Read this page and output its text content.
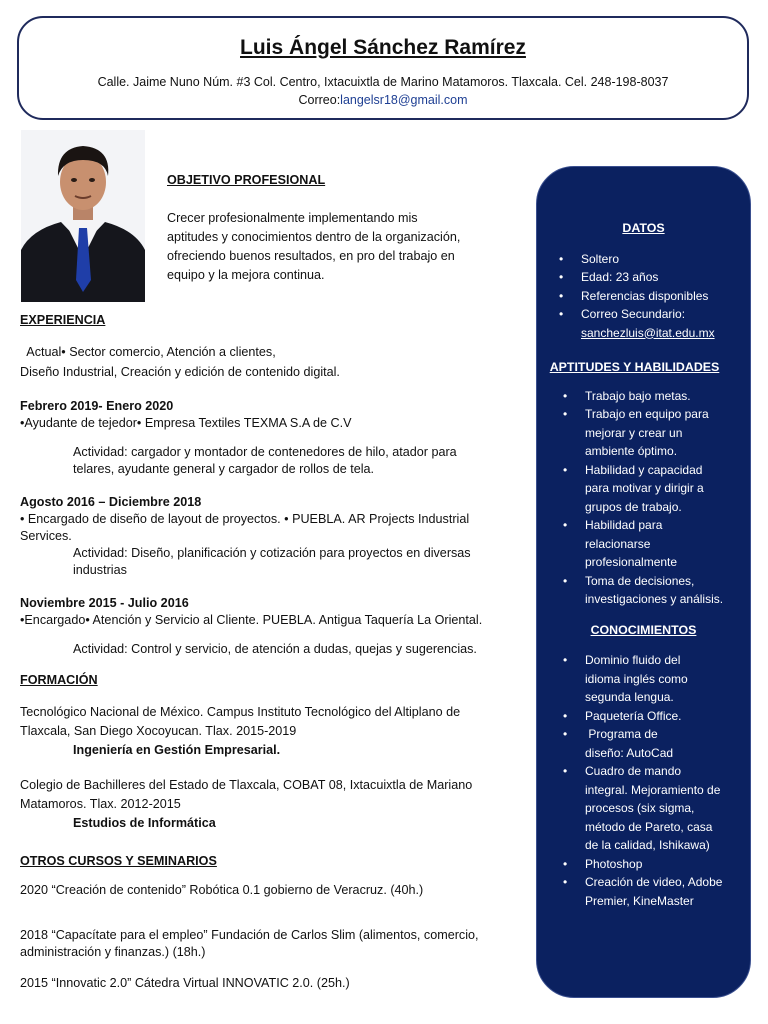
Luis Ángel Sánchez Ramírez
Calle. Jaime Nuno Núm. #3 Col. Centro, Ixtacuixtla de Marino Matamoros. Tlaxcala. Cel. 248-198-8037
Correo:langelsr18@gmail.com
OBJETIVO PROFESIONAL
Crecer profesionalmente implementando mis
aptitudes y conocimientos dentro de la organización,
ofreciendo buenos resultados, en pro del trabajo en
equipo y la mejora continua.
EXPERIENCIA
Actual• Sector comercio, Atención a clientes,
Diseño Industrial, Creación y edición de contenido digital.
Febrero 2019- Enero 2020
•Ayudante de tejedor• Empresa Textiles TEXMA S.A de C.V
Actividad: cargador y montador de contenedores de hilo, atador para
telares, ayudante general y cargador de rollos de tela.
Agosto 2016 – Diciembre 2018
• Encargado de diseño de layout de proyectos. • PUEBLA. AR Projects Industrial
Services.
Actividad: Diseño, planificación y cotización para proyectos en diversas
industrias
Noviembre 2015 - Julio 2016
•Encargado• Atención y Servicio al Cliente. PUEBLA. Antigua Taquería La Oriental.
Actividad: Control y servicio, de atención a dudas, quejas y sugerencias.
FORMACIÓN
Tecnológico Nacional de México. Campus Instituto Tecnológico del Altiplano de
Tlaxcala, San Diego Xocoyucan. Tlax. 2015-2019
Ingeniería en Gestión Empresarial.
Colegio de Bachilleres del Estado de Tlaxcala, COBAT 08, Ixtacuixtla de Mariano
Matamoros. Tlax. 2012-2015
Estudios de Informática
OTROS CURSOS Y SEMINARIOS
2020 “Creación de contenido” Robótica 0.1 gobierno de Veracruz. (40h.)
2018 “Capacítate para el empleo” Fundación de Carlos Slim (alimentos, comercio,
administración y finanzas.) (18h.)
2015 “Innovatic 2.0” Cátedra Virtual INNOVATIC 2.0. (25h.)
DATOS
• Soltero
• Edad: 23 años
• Referencias disponibles
• Correo Secundario:
sanchezluis@itat.edu.mx
APTITUDES Y HABILIDADES
• Trabajo bajo metas.
• Trabajo en equipo para
mejorar y crear un
ambiente óptimo.
• Habilidad y capacidad
para motivar y dirigir a
grupos de trabajo.
• Habilidad para
relacionarse
profesionalmente
• Toma de decisiones,
investigaciones y análisis.
CONOCIMIENTOS
• Dominio fluido del
idioma inglés como
segunda lengua.
• Paquetería Office.
•  Programa de
diseño: AutoCad
• Cuadro de mando
integral. Mejoramiento de
procesos (six sigma,
método de Pareto, casa
de la calidad, Ishikawa)
• Photoshop
• Creación de video, Adobe
Premier, KineMaster
